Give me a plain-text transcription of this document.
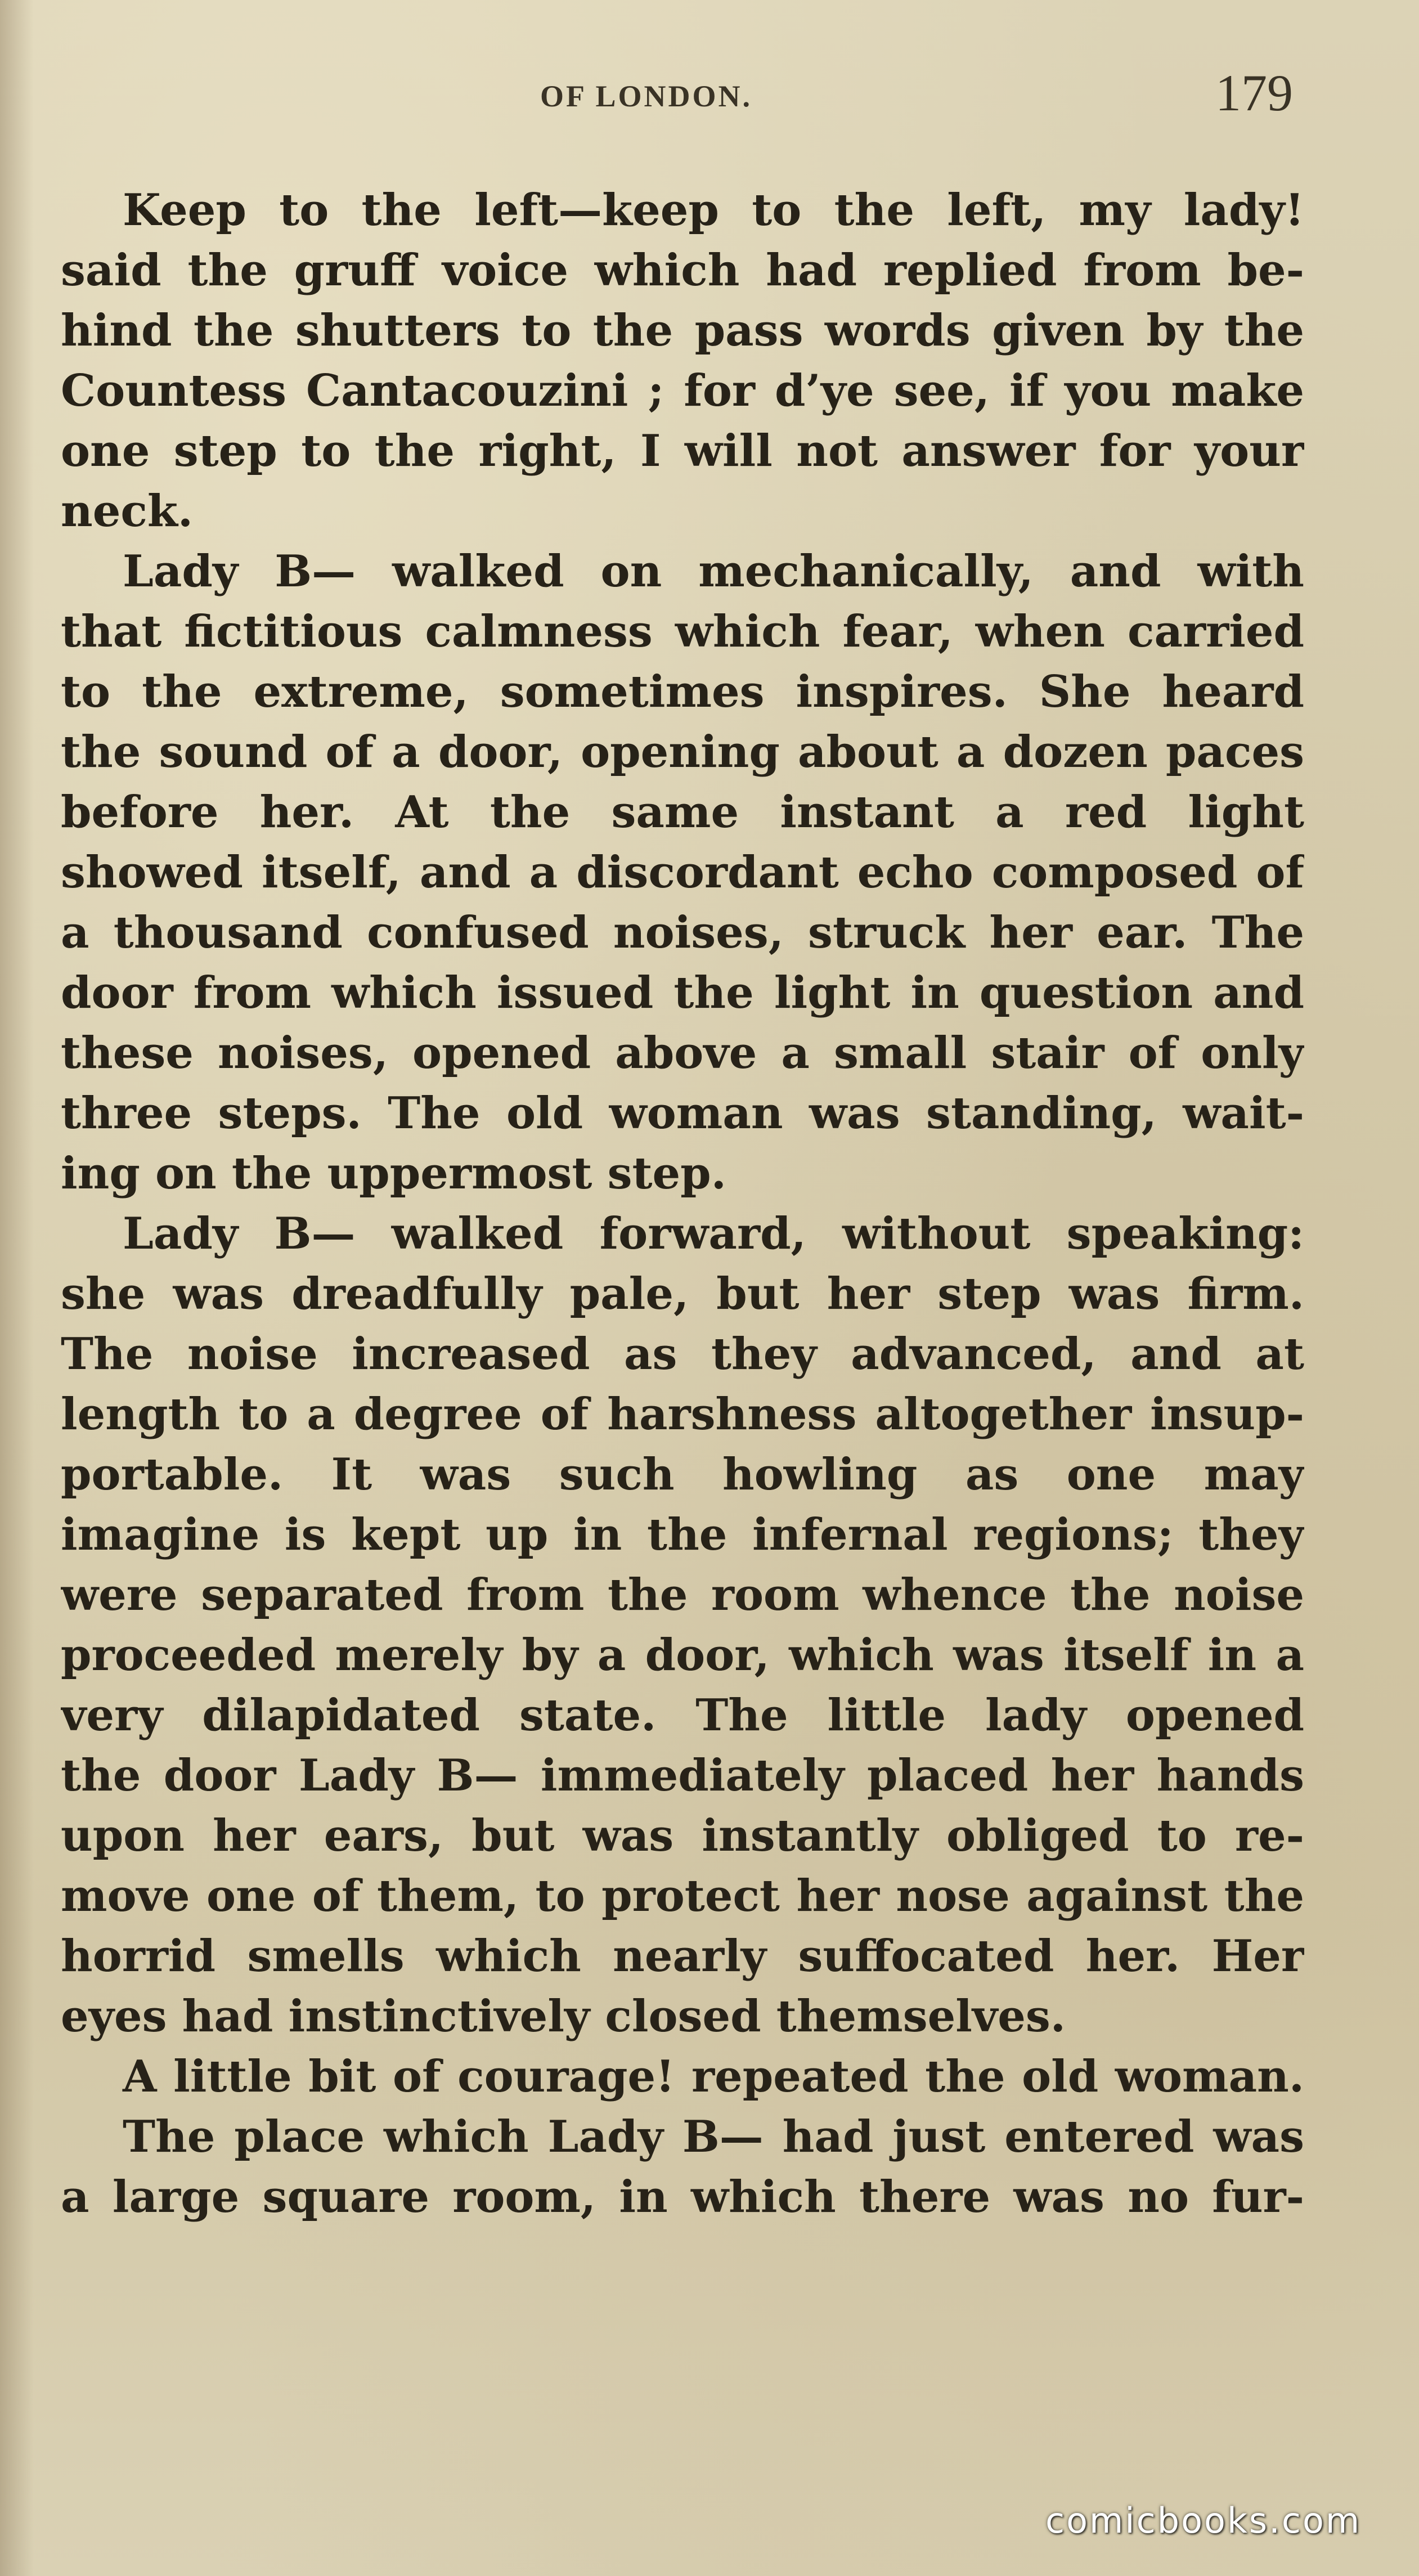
OF LONDON.	179
Keep to the left—keep to the left, my lady!
said the gruff voice which had replied from be-
hind the shutters to the pass words given by the
Countess Cantacouzini ; for d’ye see, if you make
one step to the right, I will not answer for your
neck.
Lady B— walked on mechanically, and with
that fictitious calmness which fear, when carried
to the extreme, sometimes inspires. She heard
the sound of a door, opening about a dozen paces
before her. At the same instant a red light
showed itself, and a discordant echo composed of
a thousand confused noises, struck her ear. The
door from which issued the light in question and
these noises, opened above a small stair of only
three steps. The old woman was standing, wait-
ing on the uppermost step.
Lady B— walked forward, without speaking:
she was dreadfully pale, but her step was firm.
The noise increased as they advanced, and at
length to a degree of harshness altogether insup-
portable. It was such howling as one may
imagine is kept up in the infernal regions; they
were separated from the room whence the noise
proceeded merely by a door, which was itself in a
very dilapidated state. The little lady opened
the door Lady B— immediately placed her hands
upon her ears, but was instantly obliged to re-
move one of them, to protect her nose against the
horrid smells which nearly suffocated her. Her
eyes had instinctively closed themselves.
A little bit of courage! repeated the old woman.
The place which Lady B— had just entered was
a large square room, in which there was no fur-
comicbooks.com
